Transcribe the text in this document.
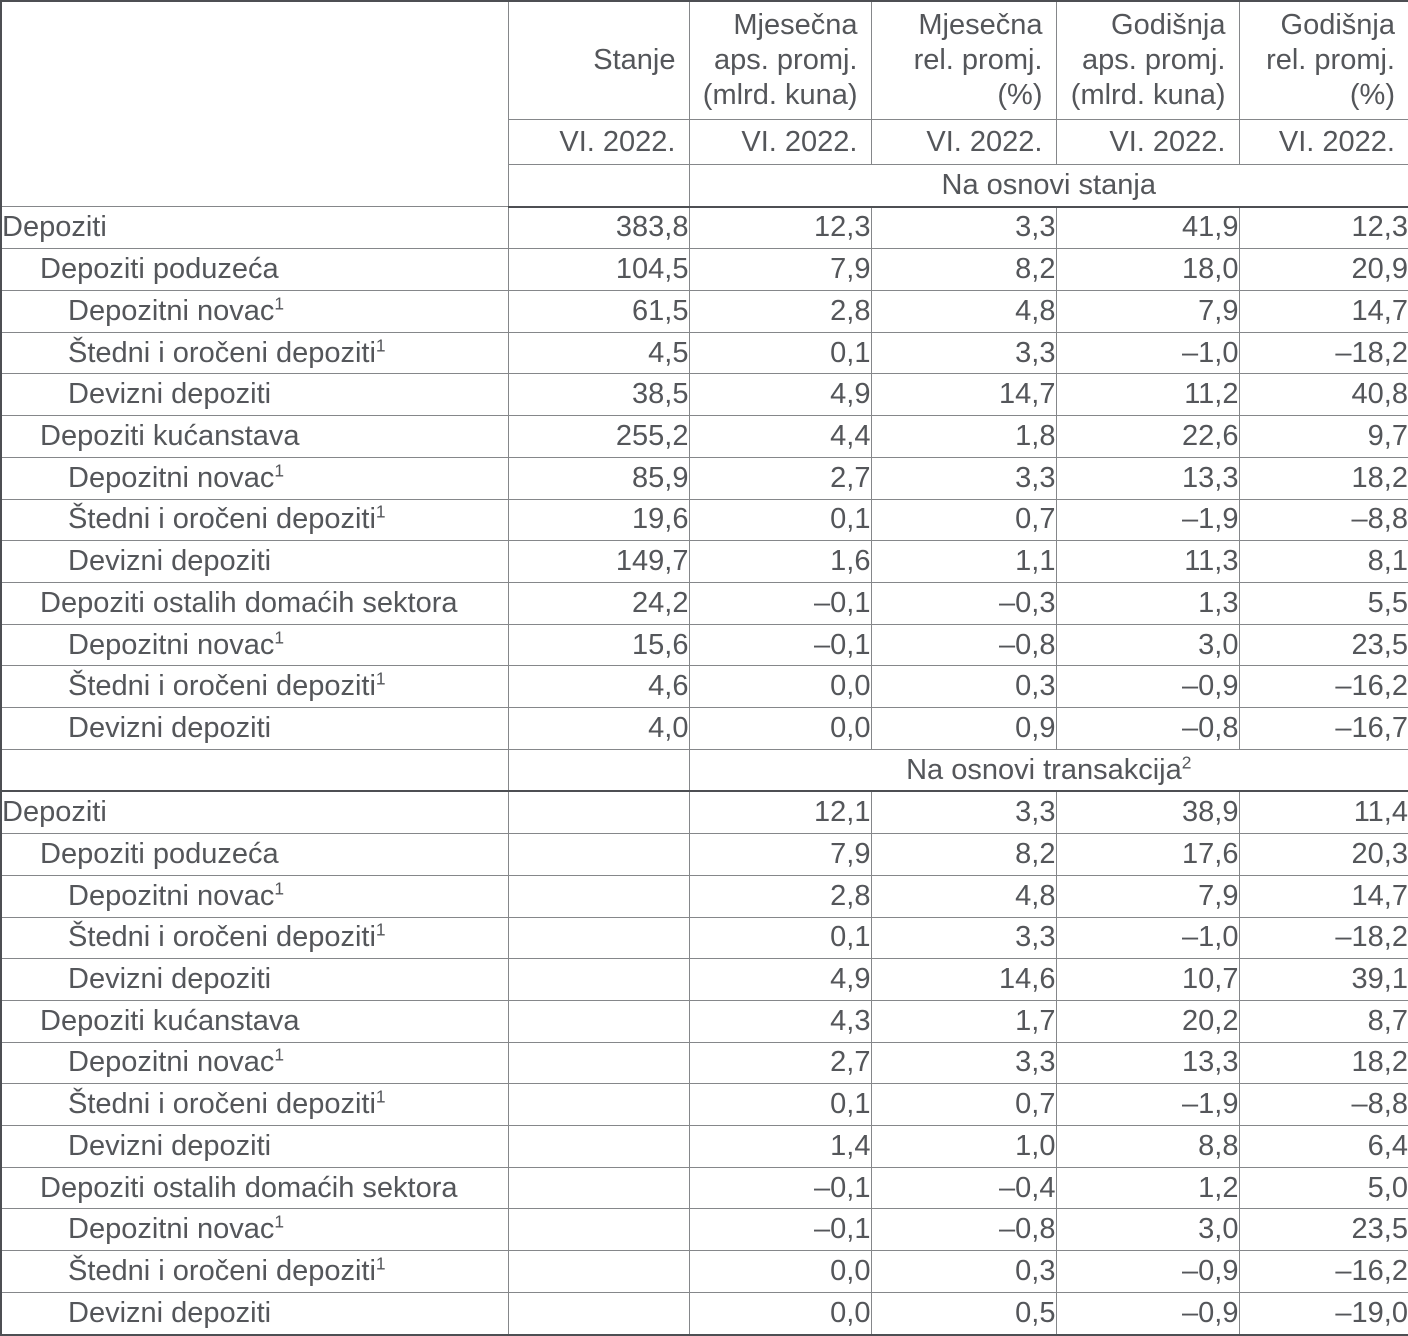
	Stanje	Mjesečna aps. promj. (mlrd. kuna)	Mjesečna rel. promj. (%)	Godišnja aps. promj. (mlrd. kuna)	Godišnja rel. promj. (%)
	VI. 2022.	VI. 2022.	VI. 2022.	VI. 2022.	VI. 2022.
		Na osnovi stanja			
Depoziti	383,8	12,3	3,3	41,9	12,3
Depoziti poduzeća	104,5	7,9	8,2	18,0	20,9
Depozitni novac$^1$	61,5	2,8	4,8	7,9	14,7
Štedni i oročeni depoziti$^1$	4,5	0,1	3,3	–1,0	–18,2
Devizni depoziti	38,5	4,9	14,7	11,2	40,8
Depoziti kućanstava	255,2	4,4	1,8	22,6	9,7
Depozitni novac$^1$	85,9	2,7	3,3	13,3	18,2
Štedni i oročeni depoziti$^1$	19,6	0,1	0,7	–1,9	–8,8
Devizni depoziti	149,7	1,6	1,1	11,3	8,1
Depoziti ostalih domaćih sektora	24,2	–0,1	–0,3	1,3	5,5
Depozitni novac$^1$	15,6	–0,1	–0,8	3,0	23,5
Štedni i oročeni depoziti$^1$	4,6	0,0	0,3	–0,9	–16,2
Devizni depoziti	4,0	0,0	0,9	–0,8	–16,7
		Na osnovi transakcija$^2$
Depoziti		12,1	3,3	38,9	11,4
Depoziti poduzeća		7,9	8,2	17,6	20,3
Depozitni novac$^1$		2,8	4,8	7,9	14,7
Štedni i oročeni depoziti$^1$		0,1	3,3	–1,0	–18,2
Devizni depoziti		4,9	14,6	10,7	39,1
Depoziti kućanstava		4,3	1,7	20,2	8,7
Depozitni novac$^1$		2,7	3,3	13,3	18,2
Štedni i oročeni depoziti$^1$		0,1	0,7	–1,9	–8,8
Devizni depoziti		1,4	1,0	8,8	6,4
Depoziti ostalih domaćih sektora		–0,1	–0,4	1,2	5,0
Depozitni novac$^1$		–0,1	–0,8	3,0	23,5
Štedni i oročeni depoziti$^1$		0,0	0,3	–0,9	–16,2
Devizni depoziti		0,0	0,5	–0,9	–19,0
